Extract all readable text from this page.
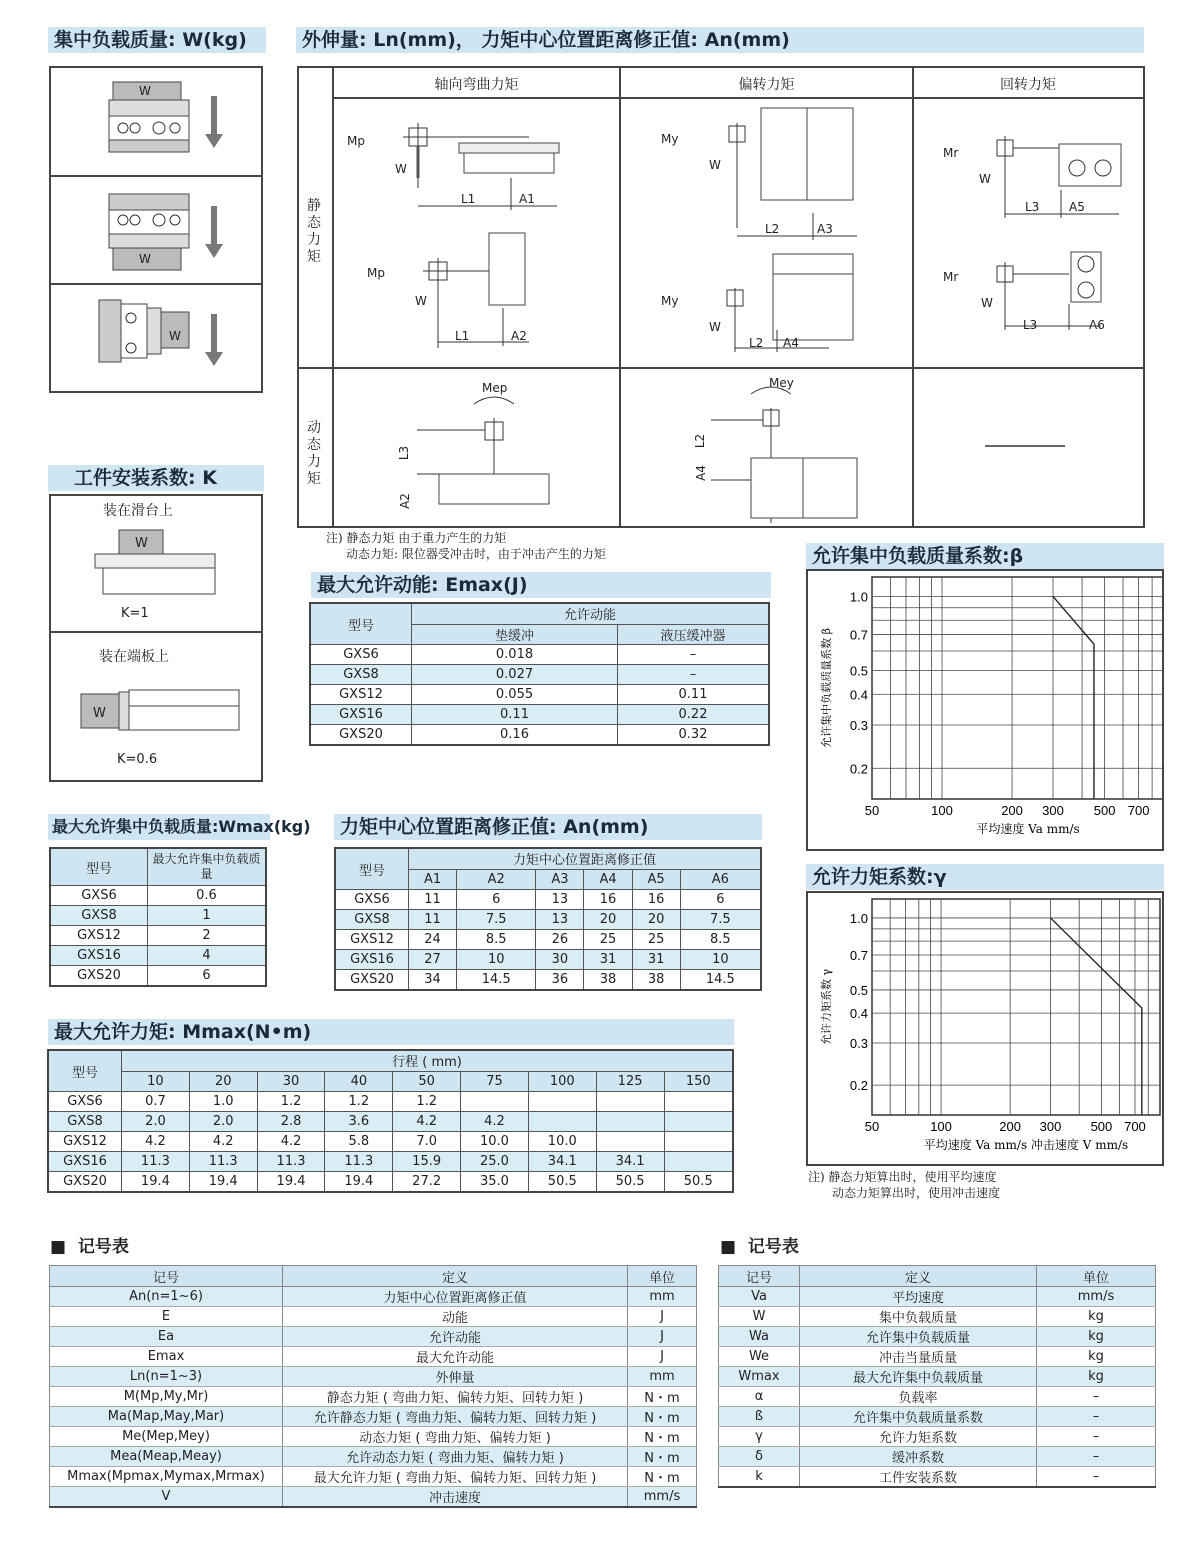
集中负载质量: W(kg)
W
W
W
外伸量: Ln(mm)， 力矩中心位置距离修正值: An(mm)
轴向弯曲力矩	偏转力矩	回转力矩
静态力矩
动态力矩
Mp
W
L1	A1
Mp
W
L1	A2
My
W
L2	A3
My
W
L2 A4
Mr
W
L3 A5
Mr
W
L3	A6
Mep
L3
A2
Mey
L2
A4
注) 静态力矩 由于重力产生的力矩
动态力矩: 限位器受冲击时，由于冲击产生的力矩
工件安装系数: K
装在滑台上
W
K=1
装在端板上
W
K=0.6
最大允许动能: Emax(J)
型号	允许动能	
	垫缓冲	液压缓冲器
GXS6	0.018	–
GXS8	0.027	–
GXS12	0.055	0.11
GXS16	0.11	0.22
GXS20	0.16	0.32
最大允许集中负载质量:Wmax(kg)
型号	最大允许集中负载质量
GXS6	0.6
GXS8	1
GXS12	2
GXS16	4
GXS20	6
力矩中心位置距离修正值: An(mm)
型号	力矩中心位置距离修正值					
	A1	A2	A3	A4	A5	A6
GXS6	11	6	13	16	16	6
GXS8	11	7.5	13	20	20	7.5
GXS12	24	8.5	26	25	25	8.5
GXS16	27	10	30	31	31	10
GXS20	34	14.5	36	38	38	14.5
最大允许力矩: Mmax(N•m)
型号	行程 ( mm)								
	10	20	30	40	50	75	100	125	150
GXS6	0.7	1.0	1.2	1.2	1.2				
GXS8	2.0	2.0	2.8	3.6	4.2	4.2			
GXS12	4.2	4.2	4.2	5.8	7.0	10.0	10.0		
GXS16	11.3	11.3	11.3	11.3	15.9	25.0	34.1	34.1	
GXS20	19.4	19.4	19.4	19.4	27.2	35.0	50.5	50.5	50.5
允许集中负载质量系数:β
50	100	200 300 500 700
1.0
0.7
0.5
0.4
0.3
0.2
平均速度 Va mm/s
允许集中负载质量系数 β
允许力矩系数:γ
50	100	200 300 500 700
1.0
0.7
0.5
0.4
0.3
0.2
平均速度 Va mm/s 冲击速度 V mm/s
允许力矩系数 γ
注) 静态力矩算出时，使用平均速度
动态力矩算出时，使用冲击速度
■ 记号表
记号	定义	单位
An(n=1~6)	力矩中心位置距离修正值	mm
E	动能	J
Ea	允许动能	J
Emax	最大允许动能	J
Ln(n=1~3)	外伸量	mm
M(Mp,My,Mr)	静态力矩 ( 弯曲力矩、偏转力矩、回转力矩 )	N・m
Ma(Map,May,Mar)	允许静态力矩 ( 弯曲力矩、偏转力矩、回转力矩 )	N・m
Me(Mep,Mey)	动态力矩 ( 弯曲力矩、偏转力矩 )	N・m
Mea(Meap,Meay)	允许动态力矩 ( 弯曲力矩、偏转力矩 )	N・m
Mmax(Mpmax,Mymax,Mrmax)	最大允许力矩 ( 弯曲力矩、偏转力矩、回转力矩 )	N・m
V	冲击速度	mm/s
■ 记号表
记号	定义	单位
Va	平均速度	mm/s
W	集中负载质量	kg
Wa	允许集中负载质量	kg
We	冲击当量质量	kg
Wmax	最大允许集中负载质量	kg
α	负载率	–
ß	允许集中负载质量系数	–
γ	允许力矩系数	–
δ	缓冲系数	–
k	工件安装系数	–
